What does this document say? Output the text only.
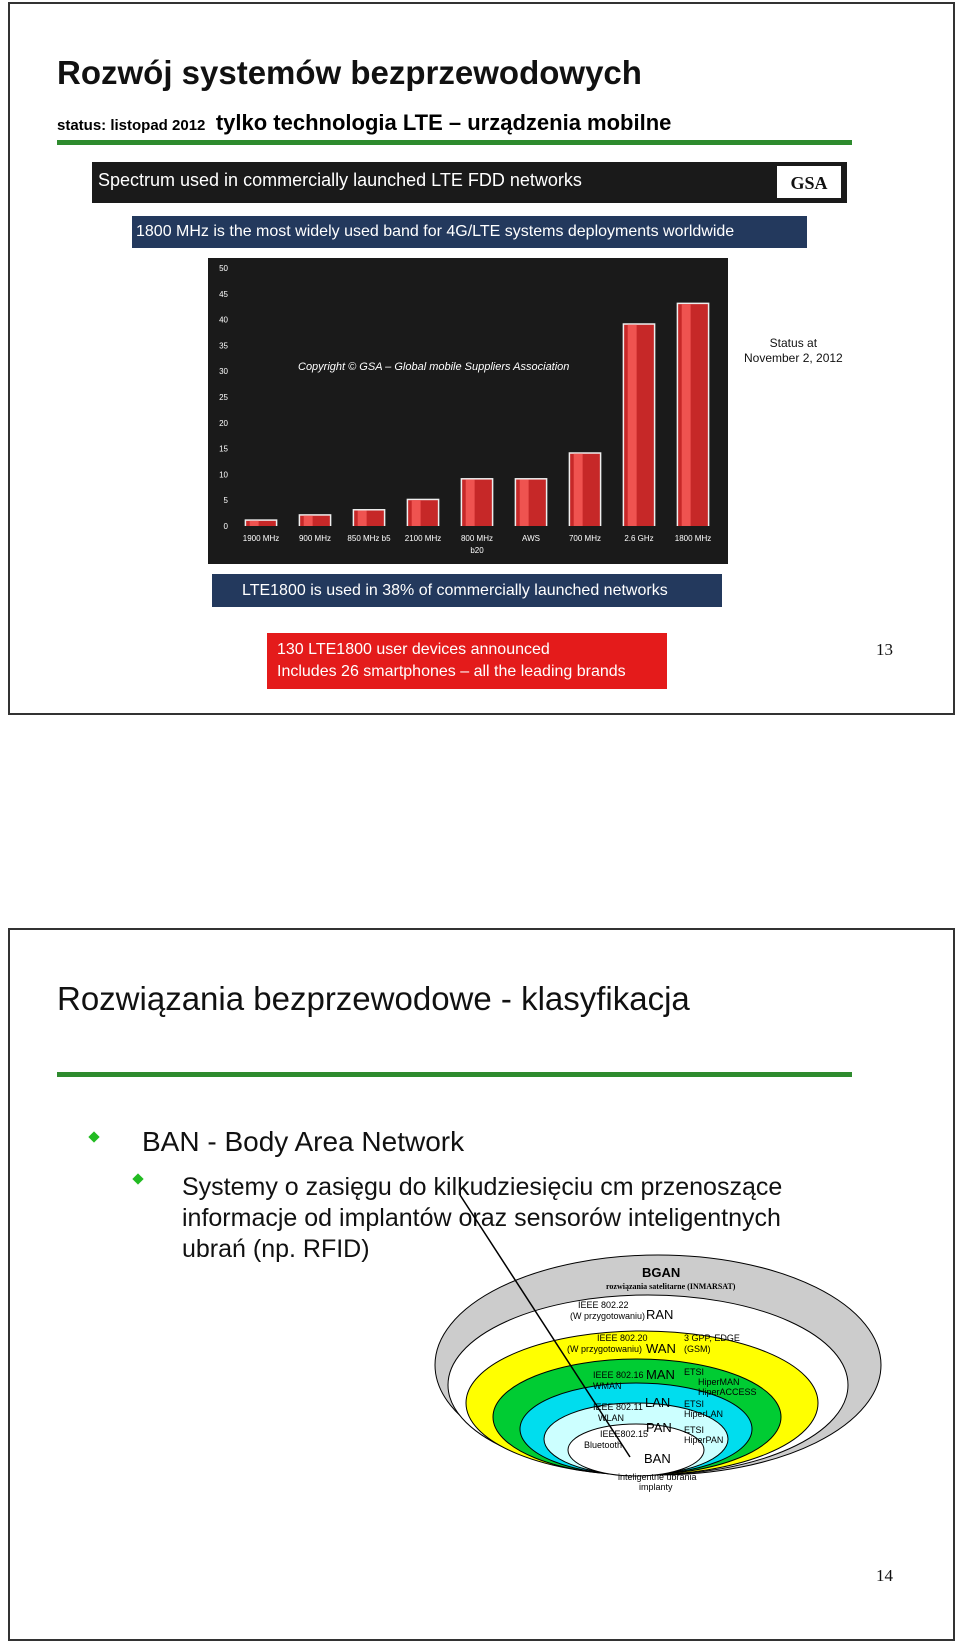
Rozwój systemów bezprzewodowych
status: listopad 2012 tylko technologia LTE – urządzenia mobilne
Spectrum used in commercially launched LTE FDD networks	GSA
1800 MHz is the most widely used band for 4G/LTE systems deployments worldwide
0
5
10
15
20
25
30
35
40
45
50
1900 MHz 900 MHz 850 MHz b5 2100 MHz 800 MHz
b20
AWS	700 MHz	2.6 GHz	1800 MHz
Copyright © GSA – Global mobile Suppliers Association
Status at
November 2, 2012
LTE1800 is used in 38% of commercially launched networks
130 LTE1800 user devices announced
Includes 26 smartphones – all the leading brands
13
Rozwiązania bezprzewodowe - klasyfikacja
BAN - Body Area Network
Systemy o zasięgu do kilkudziesięciu cm przenoszące
informacje od implantów oraz sensorów inteligentnych
ubrań (np. RFID)
BGAN
rozwiązania satelitarne (INMARSAT)
IEEE 802.22
(W przygotowaniu) RAN
IEEE 802.20
(W przygotowaniu) WAN
3 GPP, EDGE
(GSM)
IEEE 802.16
WMAN
MAN ETSI
HiperMAN
HiperACCESS
IEEE 802.11
WLAN
LAN ETSI
HiperLAN
IEEE802.15
Bluetooth
PAN ETSI
HiperPAN
BAN
inteligentne ubrania
implanty
14
